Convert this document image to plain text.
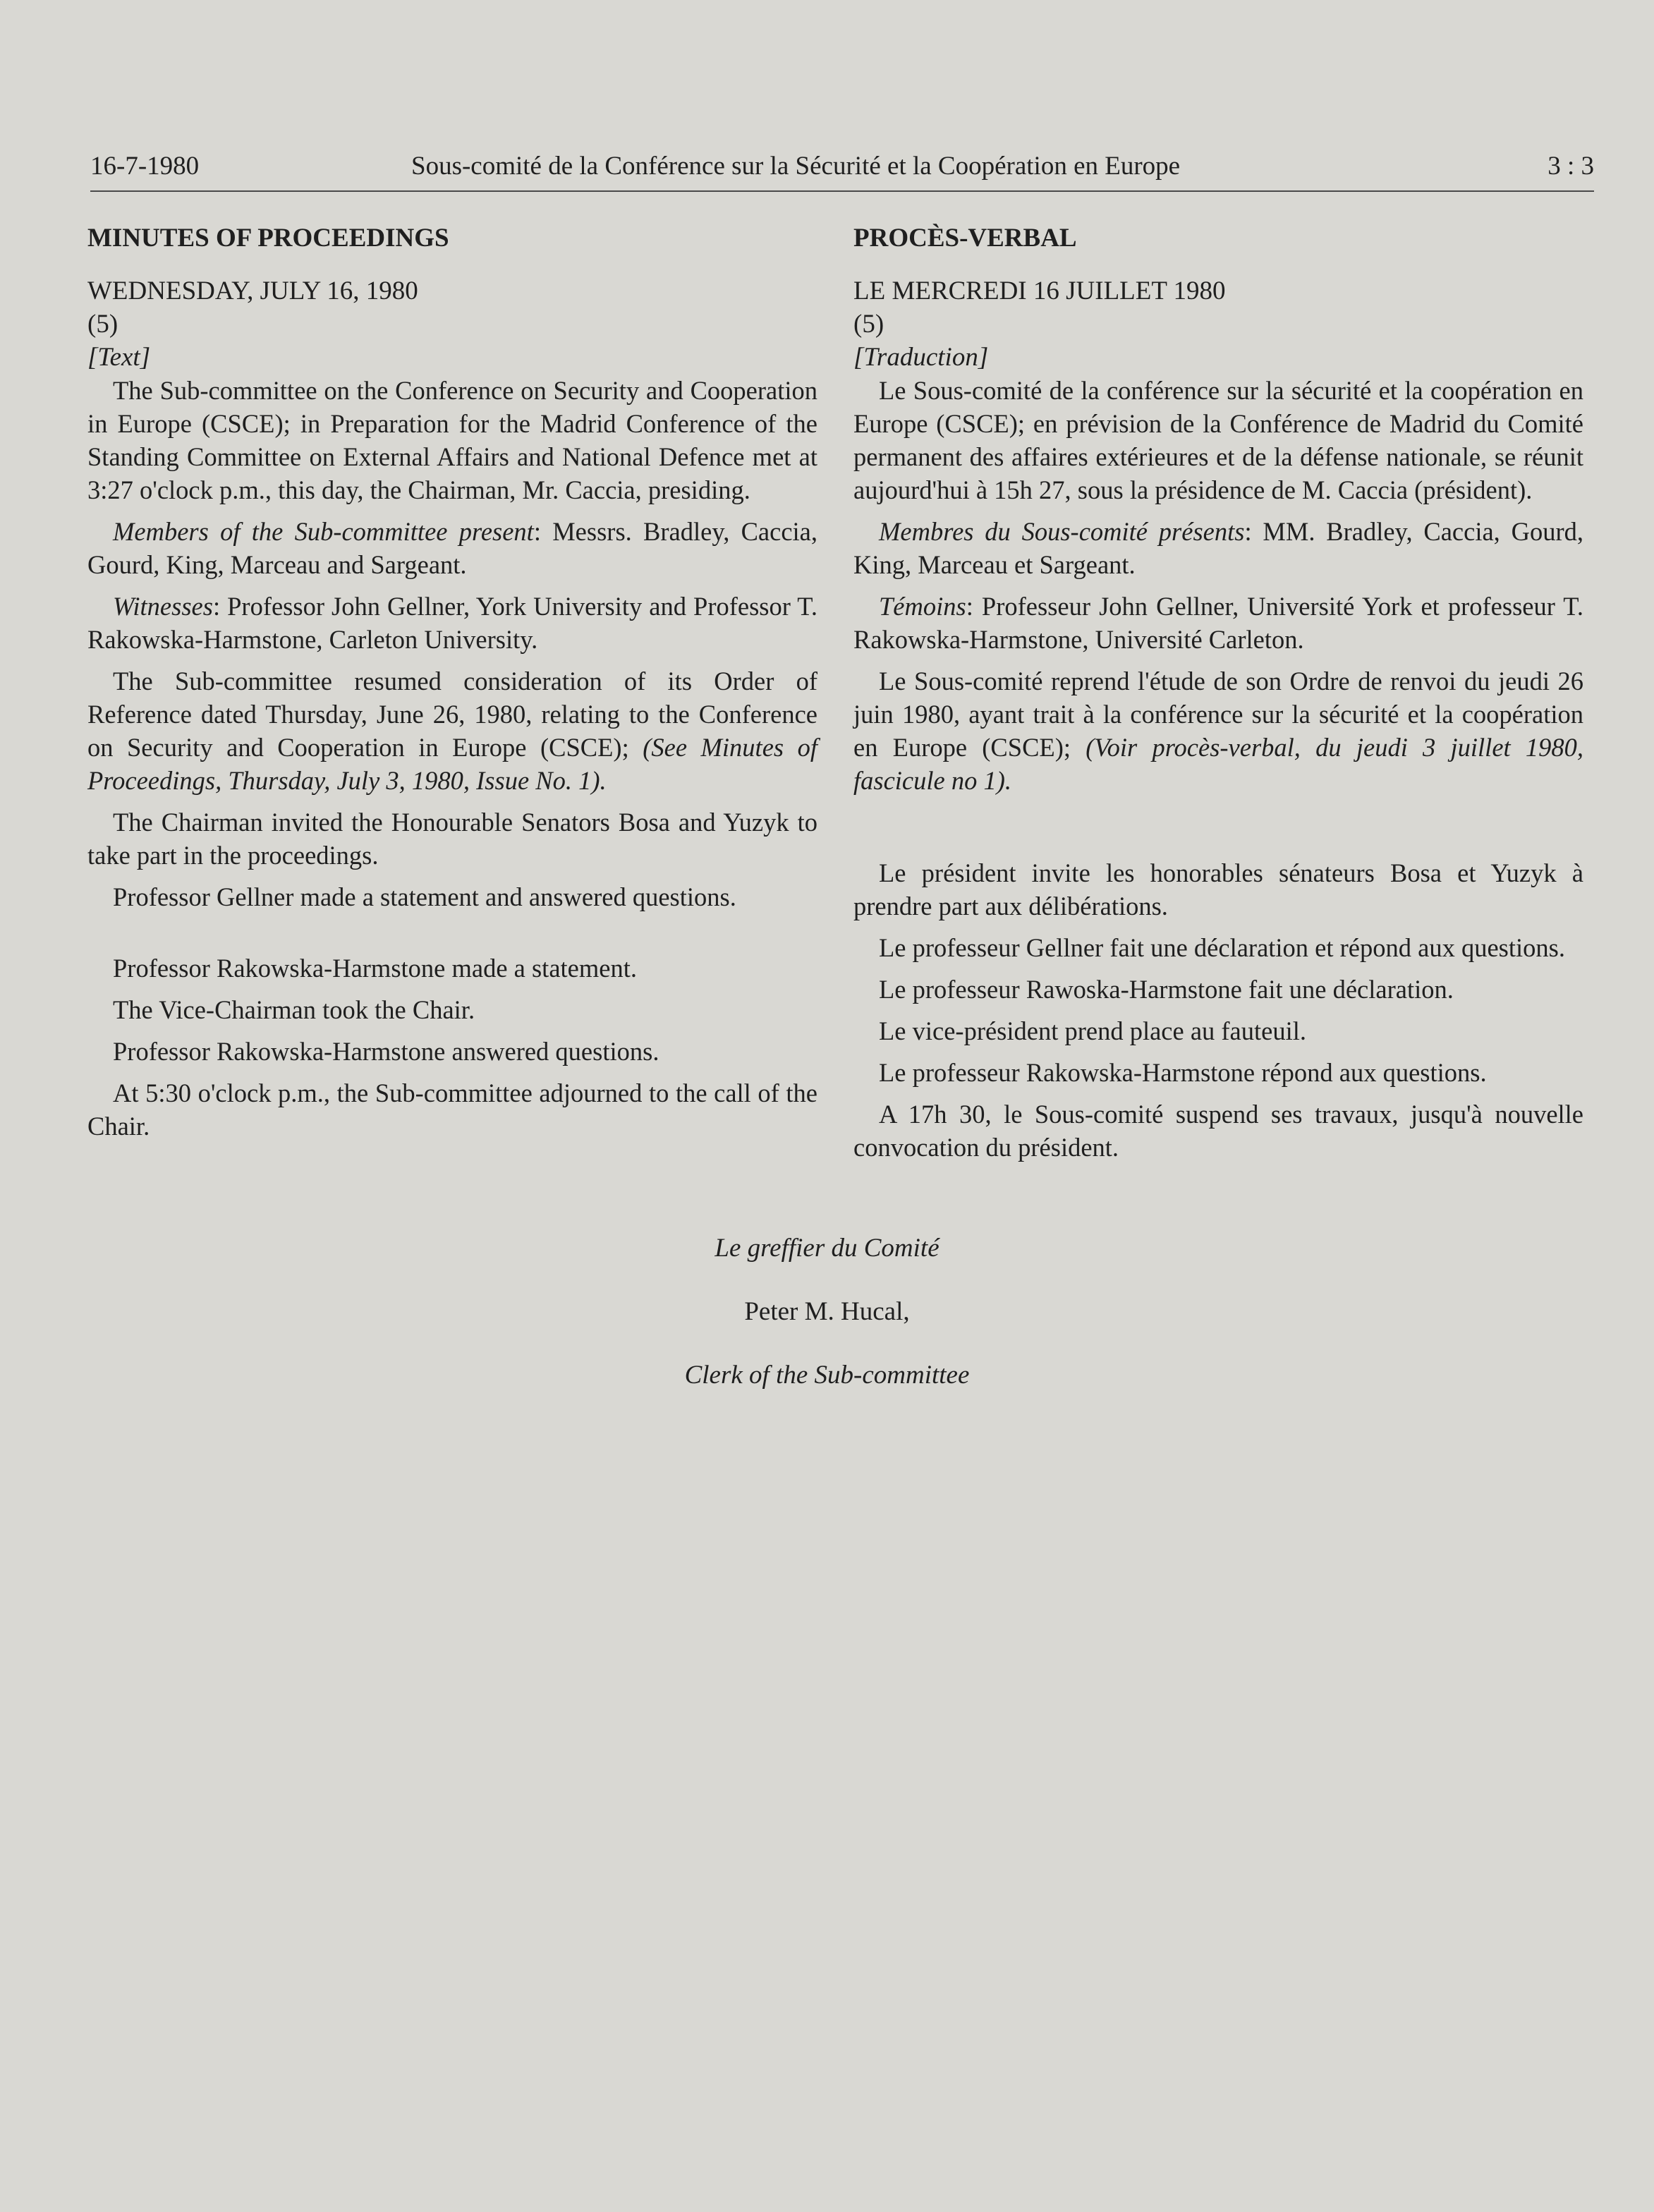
16-7-1980	Sous-comité de la Conférence sur la Sécurité et la Coopération en Europe	3 : 3
MINUTES OF PROCEEDINGS
WEDNESDAY, JULY 16, 1980
(5)
[Text]

The Sub-committee on the Conference on Security and Cooperation in Europe (CSCE); in Preparation for the Madrid Conference of the Standing Committee on External Affairs and National Defence met at 3:27 o'clock p.m., this day, the Chairman, Mr. Caccia, presiding.

Members of the Sub-committee present: Messrs. Bradley, Caccia, Gourd, King, Marceau and Sargeant.

Witnesses: Professor John Gellner, York University and Professor T. Rakowska-Harmstone, Carleton University.

The Sub-committee resumed consideration of its Order of Reference dated Thursday, June 26, 1980, relating to the Conference on Security and Cooperation in Europe (CSCE); (See Minutes of Proceedings, Thursday, July 3, 1980, Issue No. 1).

The Chairman invited the Honourable Senators Bosa and Yuzyk to take part in the proceedings.

Professor Gellner made a statement and answered questions.

Professor Rakowska-Harmstone made a statement.

The Vice-Chairman took the Chair.

Professor Rakowska-Harmstone answered questions.

At 5:30 o'clock p.m., the Sub-committee adjourned to the call of the Chair.

PROCÈS-VERBAL
LE MERCREDI 16 JUILLET 1980
(5)
[Traduction]

Le Sous-comité de la conférence sur la sécurité et la coopération en Europe (CSCE); en prévision de la Conférence de Madrid du Comité permanent des affaires extérieures et de la défense nationale, se réunit aujourd'hui à 15h 27, sous la présidence de M. Caccia (président).

Membres du Sous-comité présents: MM. Bradley, Caccia, Gourd, King, Marceau et Sargeant.

Témoins: Professeur John Gellner, Université York et professeur T. Rakowska-Harmstone, Université Carleton.

Le Sous-comité reprend l'étude de son Ordre de renvoi du jeudi 26 juin 1980, ayant trait à la conférence sur la sécurité et la coopération en Europe (CSCE); (Voir procès-verbal, du jeudi 3 juillet 1980, fascicule no 1).

Le président invite les honorables sénateurs Bosa et Yuzyk à prendre part aux délibérations.

Le professeur Gellner fait une déclaration et répond aux questions.

Le professeur Rawoska-Harmstone fait une déclaration.

Le vice-président prend place au fauteuil.

Le professeur Rakowska-Harmstone répond aux questions.

A 17h 30, le Sous-comité suspend ses travaux, jusqu'à nouvelle convocation du président.

Le greffier du Comité
Peter M. Hucal,
Clerk of the Sub-committee
